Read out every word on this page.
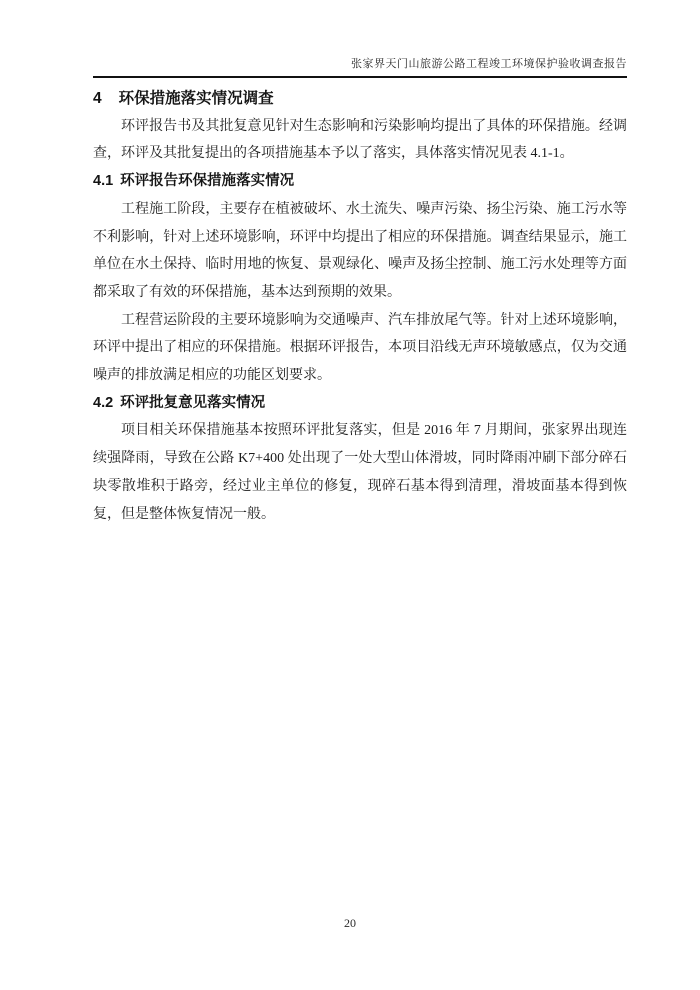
张家界天门山旅游公路工程竣工环境保护验收调查报告
4 环保措施落实情况调查

环评报告书及其批复意见针对生态影响和污染影响均提出了具体的环保措施。经调查，环评及其批复提出的各项措施基本予以了落实，具体落实情况见表 4.1-1。

4.1 环评报告环保措施落实情况

工程施工阶段，主要存在植被破坏、水土流失、噪声污染、扬尘污染、施工污水等不利影响，针对上述环境影响，环评中均提出了相应的环保措施。调查结果显示，施工单位在水土保持、临时用地的恢复、景观绿化、噪声及扬尘控制、施工污水处理等方面都采取了有效的环保措施，基本达到预期的效果。

工程营运阶段的主要环境影响为交通噪声、汽车排放尾气等。针对上述环境影响，环评中提出了相应的环保措施。根据环评报告，本项目沿线无声环境敏感点，仅为交通噪声的排放满足相应的功能区划要求。

4.2 环评批复意见落实情况

项目相关环保措施基本按照环评批复落实，但是 2016 年 7 月期间，张家界出现连续强降雨，导致在公路 K7+400 处出现了一处大型山体滑坡，同时降雨冲刷下部分碎石块零散堆积于路旁，经过业主单位的修复，现碎石基本得到清理，滑坡面基本得到恢复，但是整体恢复情况一般。

20
